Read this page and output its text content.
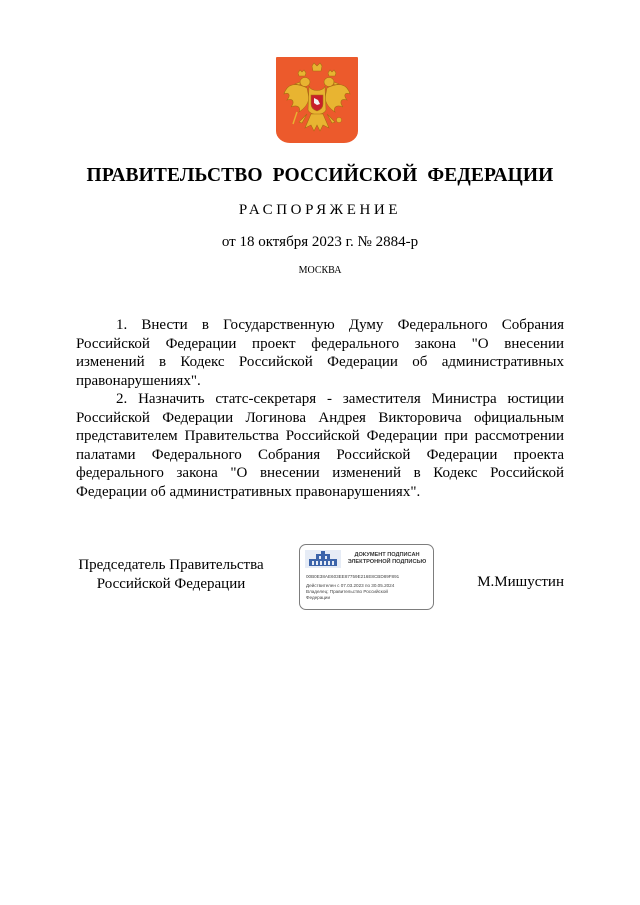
ПРАВИТЕЛЬСТВО РОССИЙСКОЙ ФЕДЕРАЦИИ
РАСПОРЯЖЕНИЕ
от 18 октября 2023 г. № 2884-р
МОСКВА

1. Внести в Государственную Думу Федерального Собрания Российской Федерации проект федерального закона "О внесении изменений в Кодекс Российской Федерации об административных правонарушениях".

2. Назначить статс-секретаря - заместителя Министра юстиции Российской Федерации Логинова Андрея Викторовича официальным представителем Правительства Российской Федерации при рассмотрении палатами Федерального Собрания Российской Федерации проекта федерального закона "О внесении изменений в Кодекс Российской Федерации об административных правонарушениях".

Председатель Правительства
Российской Федерации
ДОКУМЕНТ ПОДПИСАН
ЭЛЕКТРОННОЙ ПОДПИСЬЮ
00B0E38AE603EE87759E216E8CBD89F891
Действителен с 07.03.2023 по 30.05.2024
Владелец: Правительство Российской
Федерации
М.Мишустин
